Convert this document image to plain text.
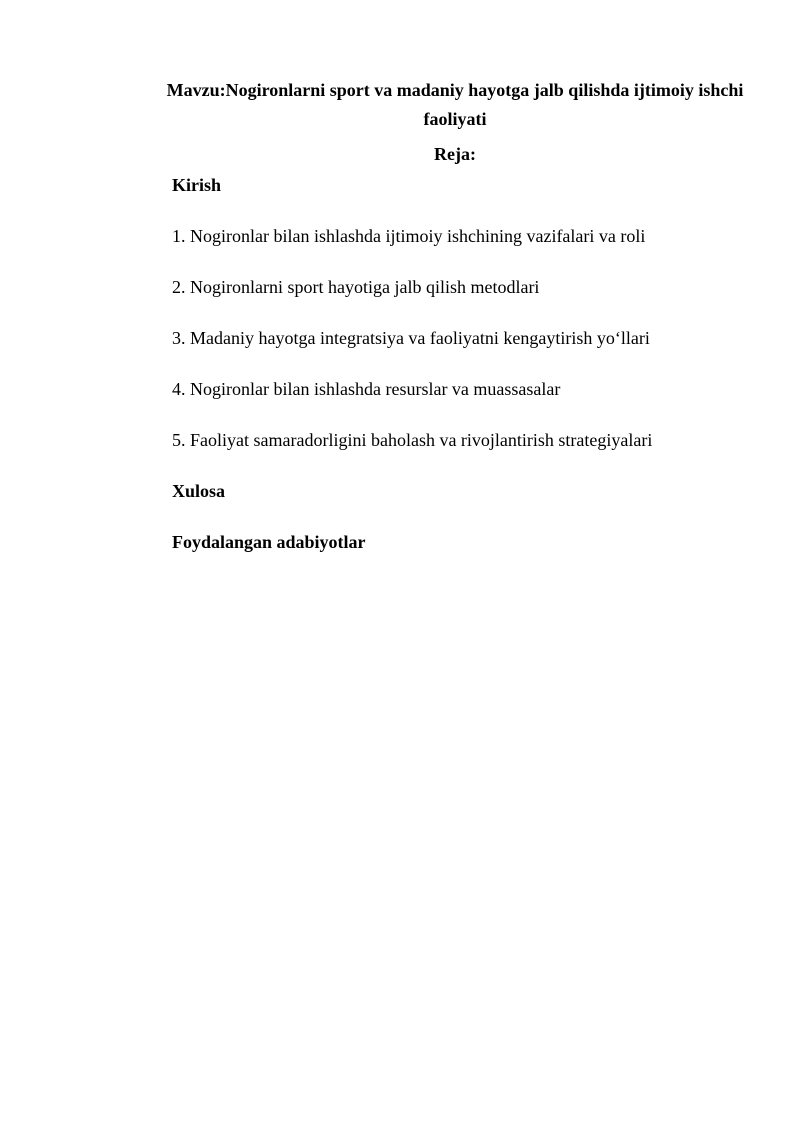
Mavzu:Nogironlarni sport va madaniy hayotga jalb qilishda ijtimoiy ishchi faoliyati
Reja:
Kirish
1. Nogironlar bilan ishlashda ijtimoiy ishchining vazifalari va roli
2. Nogironlarni sport hayotiga jalb qilish metodlari
3. Madaniy hayotga integratsiya va faoliyatni kengaytirish yo‘llari
4. Nogironlar bilan ishlashda resurslar va muassasalar
5. Faoliyat samaradorligini baholash va rivojlantirish strategiyalari
Xulosa
Foydalangan adabiyotlar
